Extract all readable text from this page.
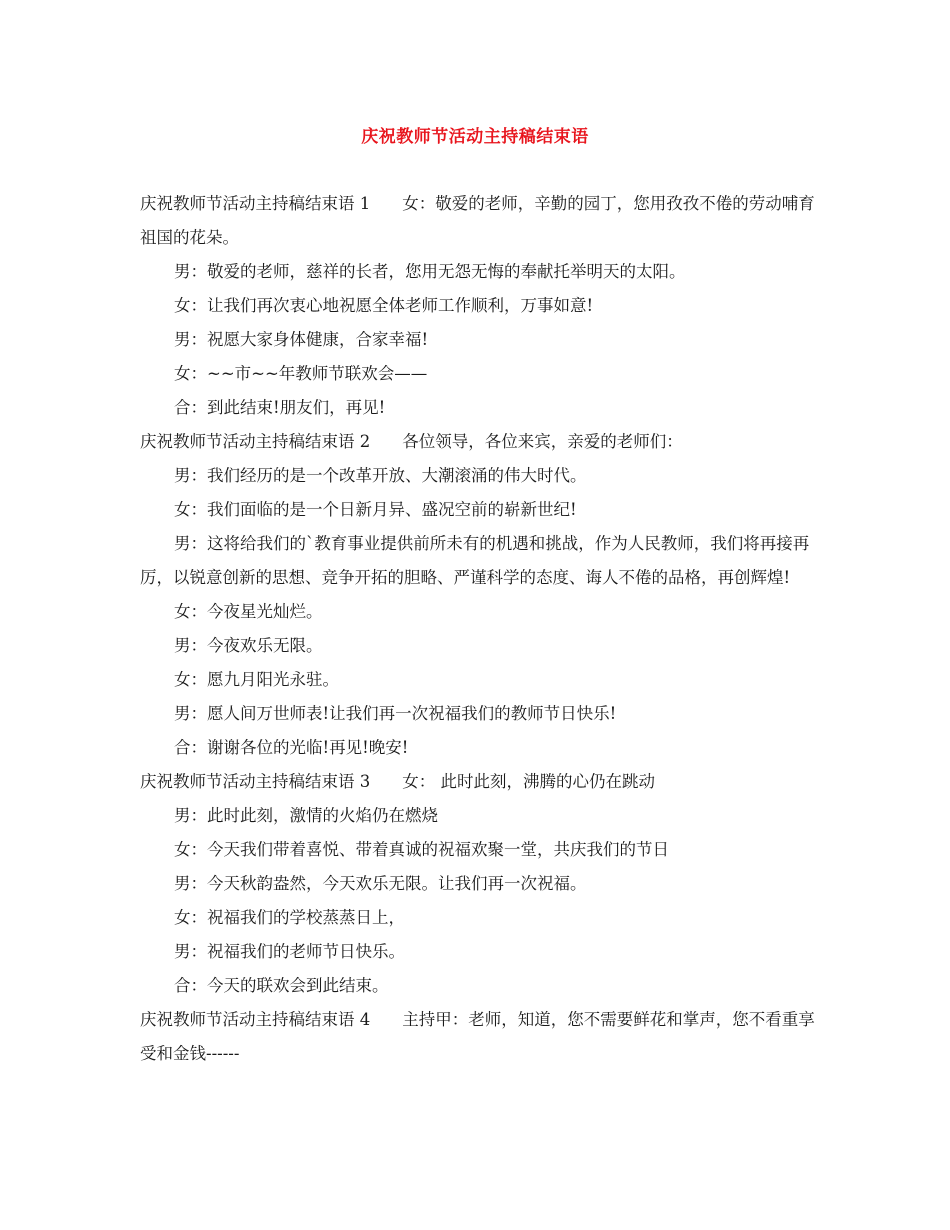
庆祝教师节活动主持稿结束语

庆祝教师节活动主持稿结束语 1 女：敬爱的老师，辛勤的园丁，您用孜孜不倦的劳动哺育祖国的花朵。

男：敬爱的老师，慈祥的长者，您用无怨无悔的奉献托举明天的太阳。

女：让我们再次衷心地祝愿全体老师工作顺利，万事如意!

男：祝愿大家身体健康，合家幸福!

女：~~市~~年教师节联欢会——

合：到此结束!朋友们，再见!

庆祝教师节活动主持稿结束语 2 各位领导，各位来宾，亲爱的老师们：

男：我们经历的是一个改革开放、大潮滚涌的伟大时代。

女：我们面临的是一个日新月异、盛况空前的崭新世纪!

男：这将给我们的`教育事业提供前所未有的机遇和挑战，作为人民教师，我们将再接再厉，以锐意创新的思想、竞争开拓的胆略、严谨科学的态度、诲人不倦的品格，再创辉煌!

女：今夜星光灿烂。

男：今夜欢乐无限。

女：愿九月阳光永驻。

男：愿人间万世师表!让我们再一次祝福我们的教师节日快乐!

合：谢谢各位的光临!再见!晚安!

庆祝教师节活动主持稿结束语 3 女： 此时此刻，沸腾的心仍在跳动

男：此时此刻，激情的火焰仍在燃烧

女：今天我们带着喜悦、带着真诚的祝福欢聚一堂，共庆我们的节日

男：今天秋韵盎然，今天欢乐无限。让我们再一次祝福。

女：祝福我们的学校蒸蒸日上，

男：祝福我们的老师节日快乐。

合：今天的联欢会到此结束。

庆祝教师节活动主持稿结束语 4 主持甲：老师，知道，您不需要鲜花和掌声，您不看重享受和金钱------
